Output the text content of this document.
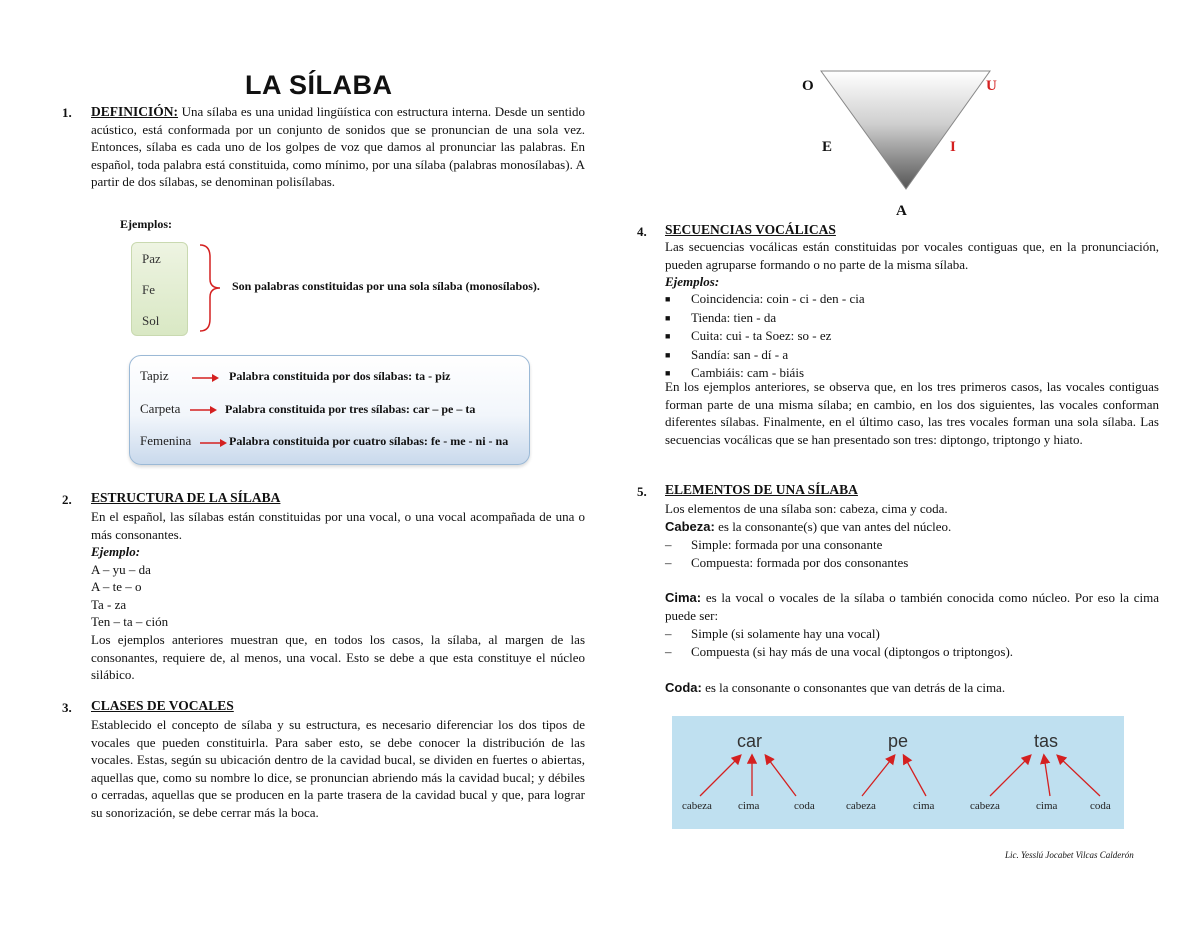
LA SÍLABA
1. DEFINICIÓN: Una sílaba es una unidad lingüística con estructura interna. Desde un sentido acústico, está conformada por un conjunto de sonidos que se pronuncian de una sola vez. Entonces, sílaba es cada uno de los golpes de voz que damos al pronunciar las palabras. En español, toda palabra está constituida, como mínimo, por una sílaba (palabras monosílabas). A partir de dos sílabas, se denominan polisílabas.
Ejemplos:
Paz
Fe
Sol
Son palabras constituidas por una sola sílaba (monosílabos).
Tapiz	Palabra constituida por dos sílabas: ta - piz
Carpeta	Palabra constituida por tres sílabas: car – pe – ta
Femenina	Palabra constituida por cuatro sílabas: fe - me - ni - na
2. ESTRUCTURA DE LA SÍLABA
En el español, las sílabas están constituidas por una vocal, o una vocal acompañada de una o más consonantes.
Ejemplo:
A – yu – da
A – te – o
Ta - za
Ten – ta – ción
Los ejemplos anteriores muestran que, en todos los casos, la sílaba, al margen de las consonantes, requiere de, al menos, una vocal. Esto se debe a que esta constituye el núcleo silábico.
3. CLASES DE VOCALES
Establecido el concepto de sílaba y su estructura, es necesario diferenciar los dos tipos de vocales que pueden constituirla. Para saber esto, se debe conocer la distribución de las vocales. Estas, según su ubicación dentro de la cavidad bucal, se dividen en fuertes o abiertas, aquellas que, como su nombre lo dice, se pronuncian abriendo más la cavidad bucal; y débiles o cerradas, aquellas que se producen en la parte trasera de la cavidad bucal y que, para lograr su sonorización, se debe cerrar más la boca.
O	U
E	I
A
4. SECUENCIAS VOCÁLICAS
Las secuencias vocálicas están constituidas por vocales contiguas que, en la pronunciación, pueden agruparse formando o no parte de la misma sílaba.
Ejemplos:
■ Coincidencia: coin - ci - den - cia
■ Tienda: tien - da
■ Cuita: cui - ta Soez: so - ez
■ Sandía: san - dí - a
■ Cambiáis: cam - biáis
En los ejemplos anteriores, se observa que, en los tres primeros casos, las vocales contiguas forman parte de una misma sílaba; en cambio, en los dos siguientes, las vocales conforman diferentes sílabas. Finalmente, en el último caso, las tres vocales forman una sola sílaba. Las secuencias vocálicas que se han presentado son tres: diptongo, triptongo y hiato.
5. ELEMENTOS DE UNA SÍLABA
Los elementos de una sílaba son: cabeza, cima y coda.
Cabeza: es la consonante(s) que van antes del núcleo.
– Simple: formada por una consonante
– Compuesta: formada por dos consonantes
Cima: es la vocal o vocales de la sílaba o también conocida como núcleo. Por eso la cima puede ser:
– Simple (si solamente hay una vocal)
– Compuesta (si hay más de una vocal (diptongos o triptongos).
Coda: es la consonante o consonantes que van detrás de la cima.
car	pe	tas
cabeza cima	coda	cabeza	cima	cabeza	cima	coda
Lic. Yesslú Jocabet Vilcas Calderón
